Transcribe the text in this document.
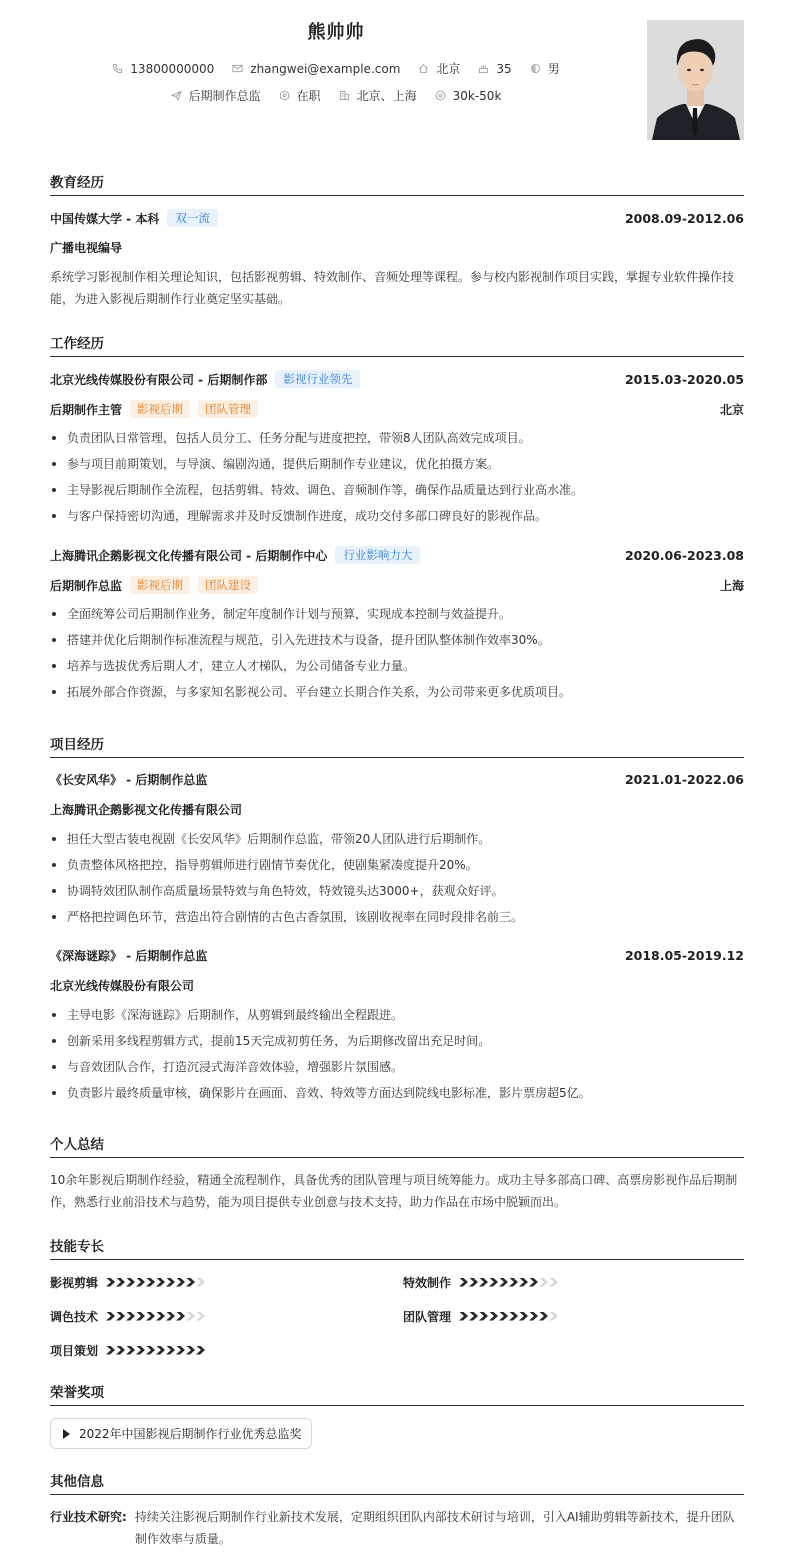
熊帅帅
13800000000	zhangwei@example.com	北京	35	男
后期制作总监	在职	北京、上海	30k-50k
教育经历
中国传媒大学 - 本科	双一流	2008.09-2012.06
广播电视编导
系统学习影视制作相关理论知识，包括影视剪辑、特效制作、音频处理等课程。参与校内影视制作项目实践，掌握专业软件操作技能，为进入影视后期制作行业奠定坚实基础。
工作经历
北京光线传媒股份有限公司 - 后期制作部	影视行业领先	2015.03-2020.05
后期制作主管	影视后期	团队管理	北京
负责团队日常管理，包括人员分工、任务分配与进度把控，带领8人团队高效完成项目。
参与项目前期策划，与导演、编剧沟通，提供后期制作专业建议，优化拍摄方案。
主导影视后期制作全流程，包括剪辑、特效、调色、音频制作等，确保作品质量达到行业高水准。
与客户保持密切沟通，理解需求并及时反馈制作进度，成功交付多部口碑良好的影视作品。
上海腾讯企鹅影视文化传播有限公司 - 后期制作中心	行业影响力大	2020.06-2023.08
后期制作总监	影视后期	团队建设	上海
全面统筹公司后期制作业务，制定年度制作计划与预算，实现成本控制与效益提升。
搭建并优化后期制作标准流程与规范，引入先进技术与设备，提升团队整体制作效率30%。
培养与选拔优秀后期人才，建立人才梯队，为公司储备专业力量。
拓展外部合作资源，与多家知名影视公司、平台建立长期合作关系，为公司带来更多优质项目。
项目经历
《长安风华》 - 后期制作总监	2021.01-2022.06
上海腾讯企鹅影视文化传播有限公司
担任大型古装电视剧《长安风华》后期制作总监，带领20人团队进行后期制作。
负责整体风格把控，指导剪辑师进行剧情节奏优化，使剧集紧凑度提升20%。
协调特效团队制作高质量场景特效与角色特效，特效镜头达3000+，获观众好评。
严格把控调色环节，营造出符合剧情的古色古香氛围，该剧收视率在同时段排名前三。
《深海谜踪》 - 后期制作总监	2018.05-2019.12
北京光线传媒股份有限公司
主导电影《深海谜踪》后期制作，从剪辑到最终输出全程跟进。
创新采用多线程剪辑方式，提前15天完成初剪任务，为后期修改留出充足时间。
与音效团队合作，打造沉浸式海洋音效体验，增强影片氛围感。
负责影片最终质量审核，确保影片在画面、音效、特效等方面达到院线电影标准，影片票房超5亿。
个人总结
10余年影视后期制作经验，精通全流程制作，具备优秀的团队管理与项目统筹能力。成功主导多部高口碑、高票房影视作品后期制作，熟悉行业前沿技术与趋势，能为项目提供专业创意与技术支持，助力作品在市场中脱颖而出。
技能专长
影视剪辑	特效制作
调色技术	团队管理
项目策划
荣誉奖项
2022年中国影视后期制作行业优秀总监奖
其他信息
行业技术研究: 持续关注影视后期制作行业新技术发展，定期组织团队内部技术研讨与培训，引入AI辅助剪辑等新技术，提升团队制作效率与质量。
